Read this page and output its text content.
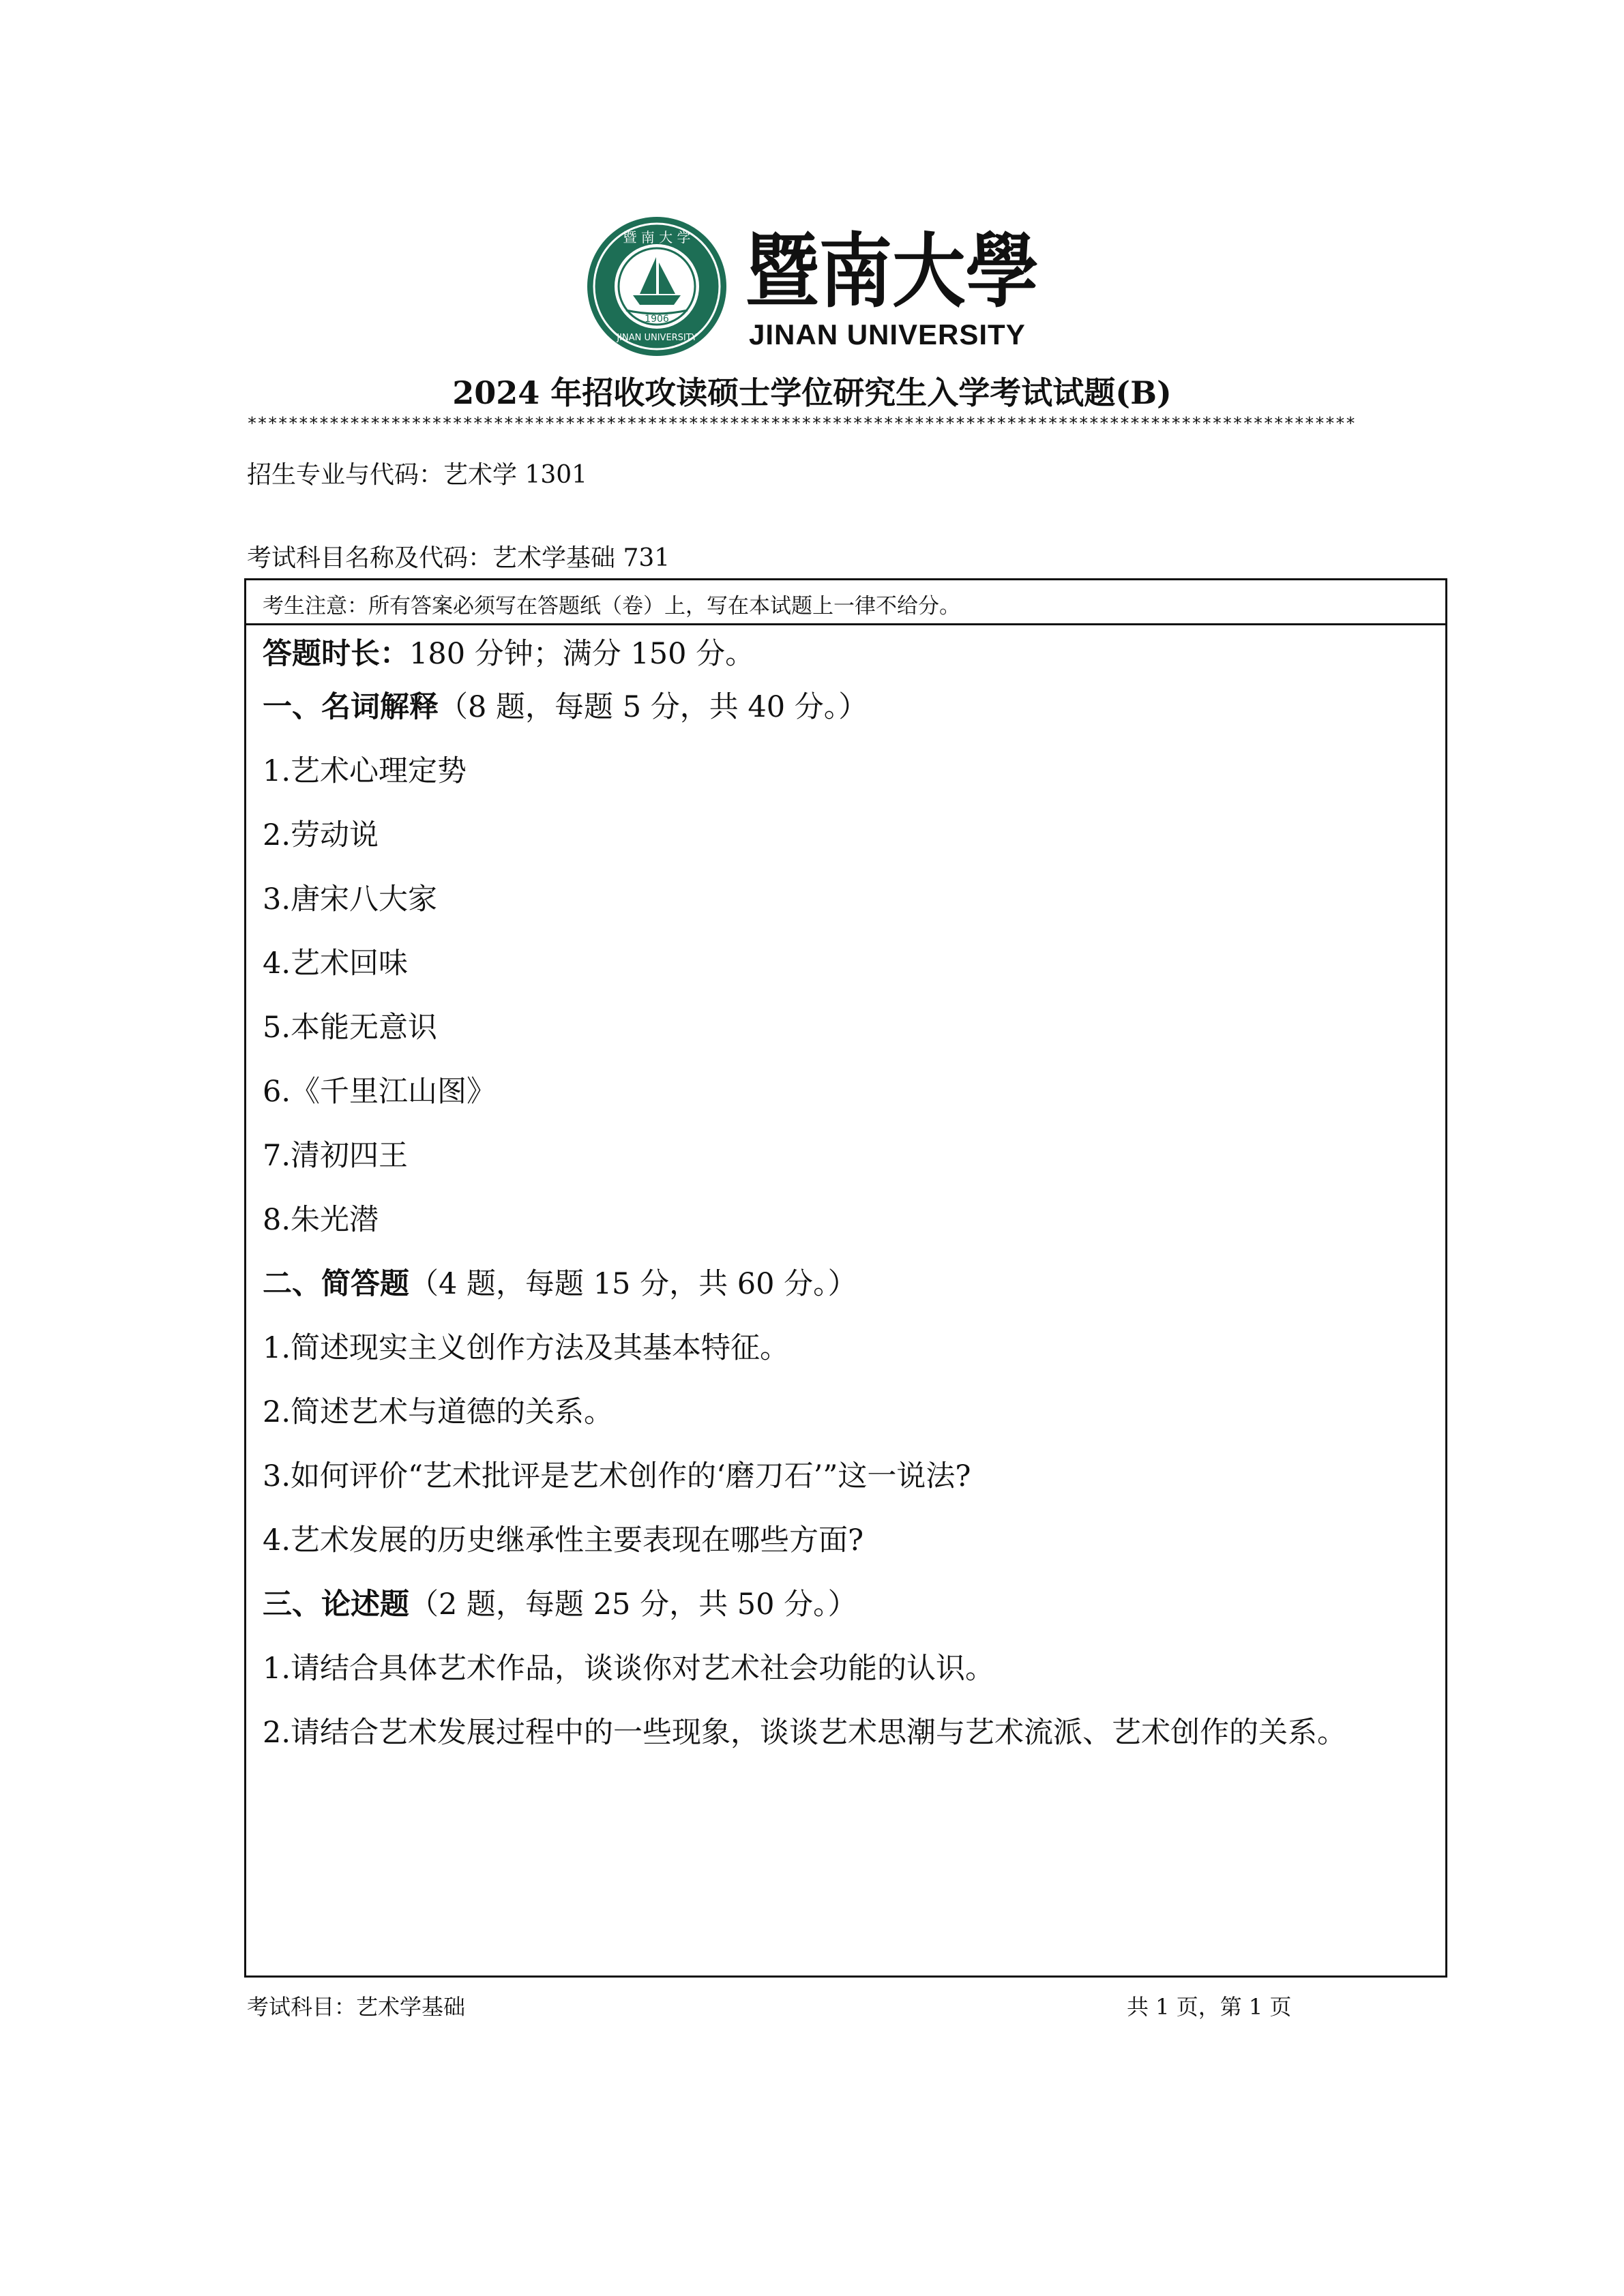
暨 南 大 学
JINAN UNIVERSITY
1906
暨南大學
JINAN UNIVERSITY
2024 年招收攻读硕士学位研究生入学考试试题(B)
************************************************************************************************************
招生专业与代码：艺术学 1301
考试科目名称及代码：艺术学基础 731
考生注意：所有答案必须写在答题纸（卷）上，写在本试题上一律不给分。
答题时长：180 分钟；满分 150 分。
一、名词解释（8 题，每题 5 分，共 40 分。）
1.艺术心理定势
2.劳动说
3.唐宋八大家
4.艺术回味
5.本能无意识
6.《千里江山图》
7.清初四王
8.朱光潜
二、简答题（4 题，每题 15 分，共 60 分。）
1.简述现实主义创作方法及其基本特征。
2.简述艺术与道德的关系。
3.如何评价“艺术批评是艺术创作的‘磨刀石’”这一说法?
4.艺术发展的历史继承性主要表现在哪些方面?
三、论述题（2 题，每题 25 分，共 50 分。）
1.请结合具体艺术作品，谈谈你对艺术社会功能的认识。
2.请结合艺术发展过程中的一些现象，谈谈艺术思潮与艺术流派、艺术创作的关系。
考试科目：艺术学基础	共 1 页，第 1 页
